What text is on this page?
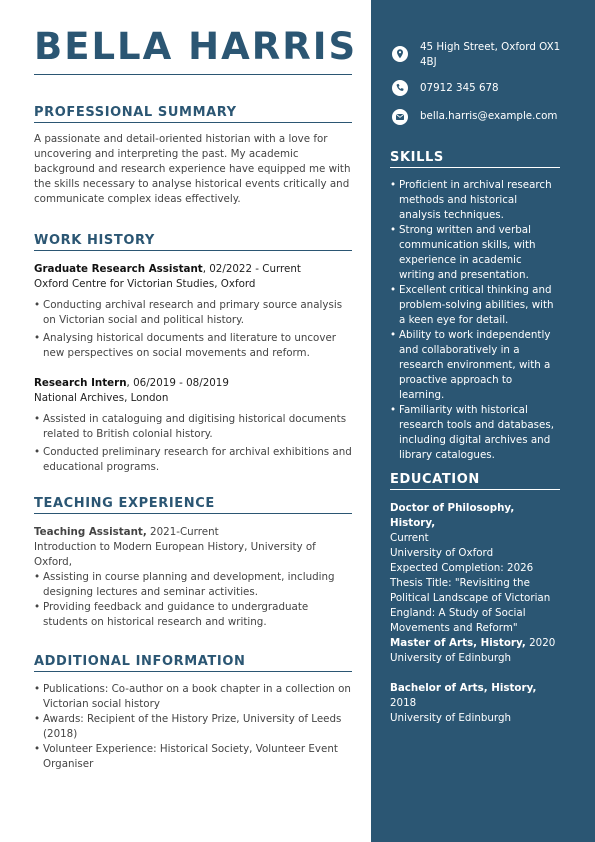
BELLA HARRIS
PROFESSIONAL SUMMARY
A passionate and detail-oriented historian with a love for uncovering and interpreting the past. My academic background and research experience have equipped me with the skills necessary to analyse historical events critically and communicate complex ideas effectively.
WORK HISTORY
Graduate Research Assistant, 02/2022 - Current
Oxford Centre for Victorian Studies, Oxford
• Conducting archival research and primary source analysis on Victorian social and political history.
• Analysing historical documents and literature to uncover new perspectives on social movements and reform.
Research Intern, 06/2019 - 08/2019
National Archives, London
• Assisted in cataloguing and digitising historical documents related to British colonial history.
• Conducted preliminary research for archival exhibitions and educational programs.
TEACHING EXPERIENCE
Teaching Assistant, 2021-Current
Introduction to Modern European History, University of Oxford,
• Assisting in course planning and development, including designing lectures and seminar activities.
• Providing feedback and guidance to undergraduate students on historical research and writing.
ADDITIONAL INFORMATION
• Publications: Co-author on a book chapter in a collection on Victorian social history
• Awards: Recipient of the History Prize, University of Leeds (2018)
• Volunteer Experience: Historical Society, Volunteer Event Organiser
45 High Street, Oxford OX1 4BJ
07912 345 678
bella.harris@example.com
SKILLS
• Proficient in archival research methods and historical analysis techniques.
• Strong written and verbal communication skills, with experience in academic writing and presentation.
• Excellent critical thinking and problem-solving abilities, with a keen eye for detail.
• Ability to work independently and collaboratively in a research environment, with a proactive approach to learning.
• Familiarity with historical research tools and databases, including digital archives and library catalogues.
EDUCATION
Doctor of Philosophy, History,
Current
University of Oxford
Expected Completion: 2026
Thesis Title: "Revisiting the Political Landscape of Victorian England: A Study of Social Movements and Reform"
Master of Arts, History, 2020
University of Edinburgh
Bachelor of Arts, History, 2018
University of Edinburgh
